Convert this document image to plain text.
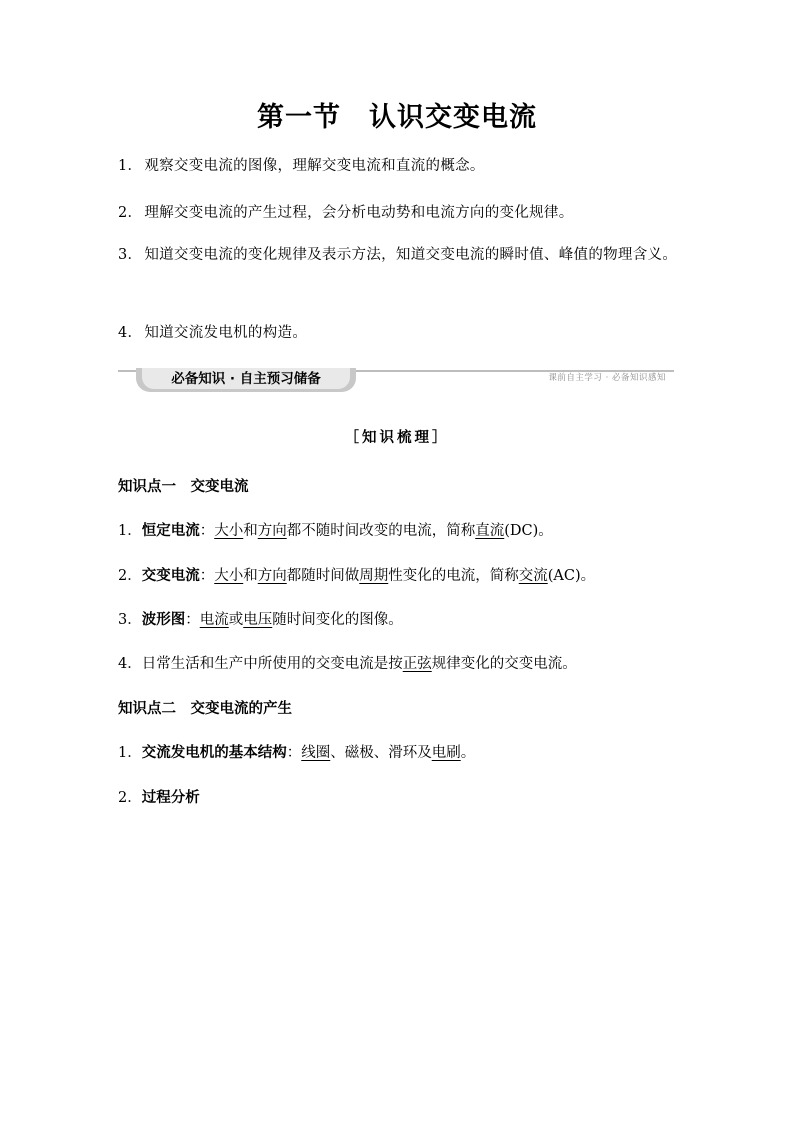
第一节　认识交变电流
1． 观察交变电流的图像，理解交变电流和直流的概念。
2． 理解交变电流的产生过程，会分析电动势和电流方向的变化规律。
3． 知道交变电流的变化规律及表示方法，知道交变电流的瞬时值、峰值的物理含义。
4． 知道交流发电机的构造。
必备知识 · 自主预习储备	课前自主学习 · 必备知识感知
［知识梳理］
知识点一　交变电流
1．恒定电流：大小和方向都不随时间改变的电流，简称直流(DC)。
2．交变电流：大小和方向都随时间做周期性变化的电流，简称交流(AC)。
3．波形图：电流或电压随时间变化的图像。
4．日常生活和生产中所使用的交变电流是按正弦规律变化的交变电流。
知识点二　交变电流的产生
1．交流发电机的基本结构：线圈、磁极、滑环及电刷。
2．过程分析
